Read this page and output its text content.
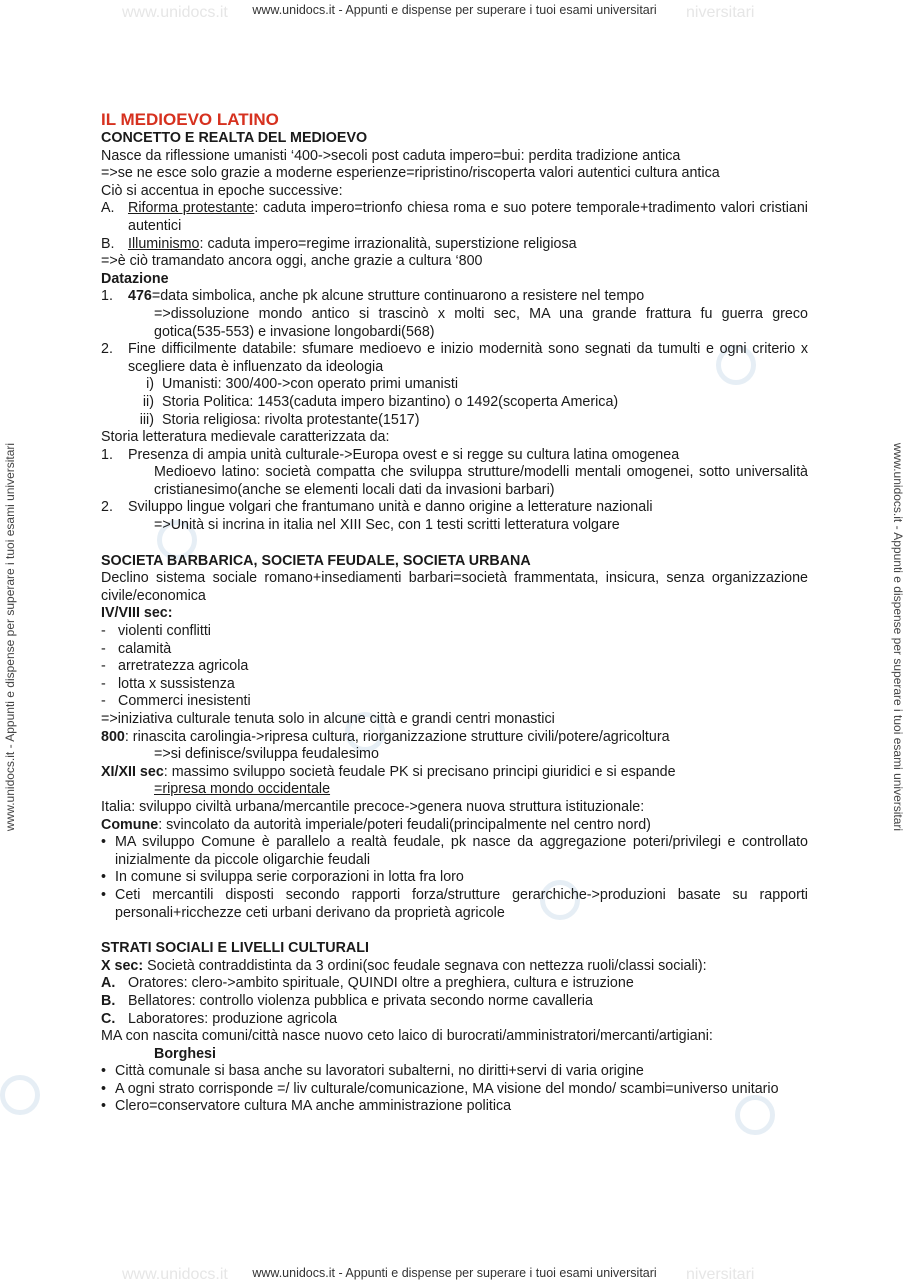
www.unidocs.it	niversitari
www.unidocs.it - Appunti e dispense per superare i tuoi esami universitari
www.unidocs.it	niversitari
www.unidocs.it - Appunti e dispense per superare i tuoi esami universitari
www.unidocs.it - Appunti e dispense per superare i tuoi esami universitari	www.unidocs.it - Appunti e dispense per superare i tuoi esami universitari
IL MEDIOEVO LATINO
CONCETTO E REALTA DEL MEDIOEVO
Nasce da riflessione umanisti ‘400->secoli post caduta impero=bui: perdita tradizione antica
=>se ne esce solo grazie a moderne esperienze=ripristino/riscoperta valori autentici cultura antica
Ciò si accentua in epoche successive:
A. Riforma protestante: caduta impero=trionfo chiesa roma e suo potere temporale+tradimento valori cristiani autentici
B. Illuminismo: caduta impero=regime irrazionalità, superstizione religiosa
=>è ciò tramandato ancora oggi, anche grazie a cultura ‘800
Datazione
1.	476=data simbolica, anche pk alcune strutture continuarono a resistere nel tempo
=>dissoluzione mondo antico si trascinò x molti sec, MA una grande frattura fu guerra greco gotica(535-553) e invasione longobardi(568)
2.	Fine difficilmente databile: sfumare medioevo e inizio modernità sono segnati da tumulti e ogni criterio x scegliere data è influenzato da ideologia
i) Umanisti: 300/400->con operato primi umanisti
ii) Storia Politica: 1453(caduta impero bizantino) o 1492(scoperta America)
iii) Storia religiosa: rivolta protestante(1517)
Storia letteratura medievale caratterizzata da:
1.	Presenza di ampia unità culturale->Europa ovest e si regge su cultura latina omogenea
Medioevo latino: società compatta che sviluppa strutture/modelli mentali omogenei, sotto universalità cristianesimo(anche se elementi locali dati da invasioni barbari)
2.	Sviluppo lingue volgari che frantumano unità e danno origine a letterature nazionali
=>Unità si incrina in italia nel XIII Sec, con 1 testi scritti letteratura volgare
SOCIETA BARBARICA, SOCIETA FEUDALE, SOCIETA URBANA
Declino sistema sociale romano+insediamenti barbari=società frammentata, insicura, senza organizzazione civile/economica
IV/VIII sec:
- violenti conflitti
- calamità
- arretratezza agricola
- lotta x sussistenza
- Commerci inesistenti
=>iniziativa culturale tenuta solo in alcune città e grandi centri monastici
800: rinascita carolingia->ripresa cultura, riorganizzazione strutture civili/potere/agricoltura
=>si definisce/sviluppa feudalesimo
XI/XII sec: massimo sviluppo società feudale PK si precisano principi giuridici e si espande
=ripresa mondo occidentale
Italia: sviluppo civiltà urbana/mercantile precoce->genera nuova struttura istituzionale:
Comune: svincolato da autorità imperiale/poteri feudali(principalmente nel centro nord)
• MA sviluppo Comune è parallelo a realtà feudale, pk nasce da aggregazione poteri/privilegi e controllato inizialmente da piccole oligarchie feudali
• In comune si sviluppa serie corporazioni in lotta fra loro
• Ceti mercantili disposti secondo rapporti forza/strutture gerarchiche->produzioni basate su rapporti personali+ricchezze ceti urbani derivano da proprietà agricole
STRATI SOCIALI E LIVELLI CULTURALI
X sec: Società contraddistinta da 3 ordini(soc feudale segnava con nettezza ruoli/classi sociali):
A. Oratores: clero->ambito spirituale, QUINDI oltre a preghiera, cultura e istruzione
B. Bellatores: controllo violenza pubblica e privata secondo norme cavalleria
C. Laboratores: produzione agricola
MA con nascita comuni/città nasce nuovo ceto laico di burocrati/amministratori/mercanti/artigiani:
Borghesi
• Città comunale si basa anche su lavoratori subalterni, no diritti+servi di varia origine
• A ogni strato corrisponde =/ liv culturale/comunicazione, MA visione del mondo/ scambi=universo unitario
• Clero=conservatore cultura MA anche amministrazione politica
